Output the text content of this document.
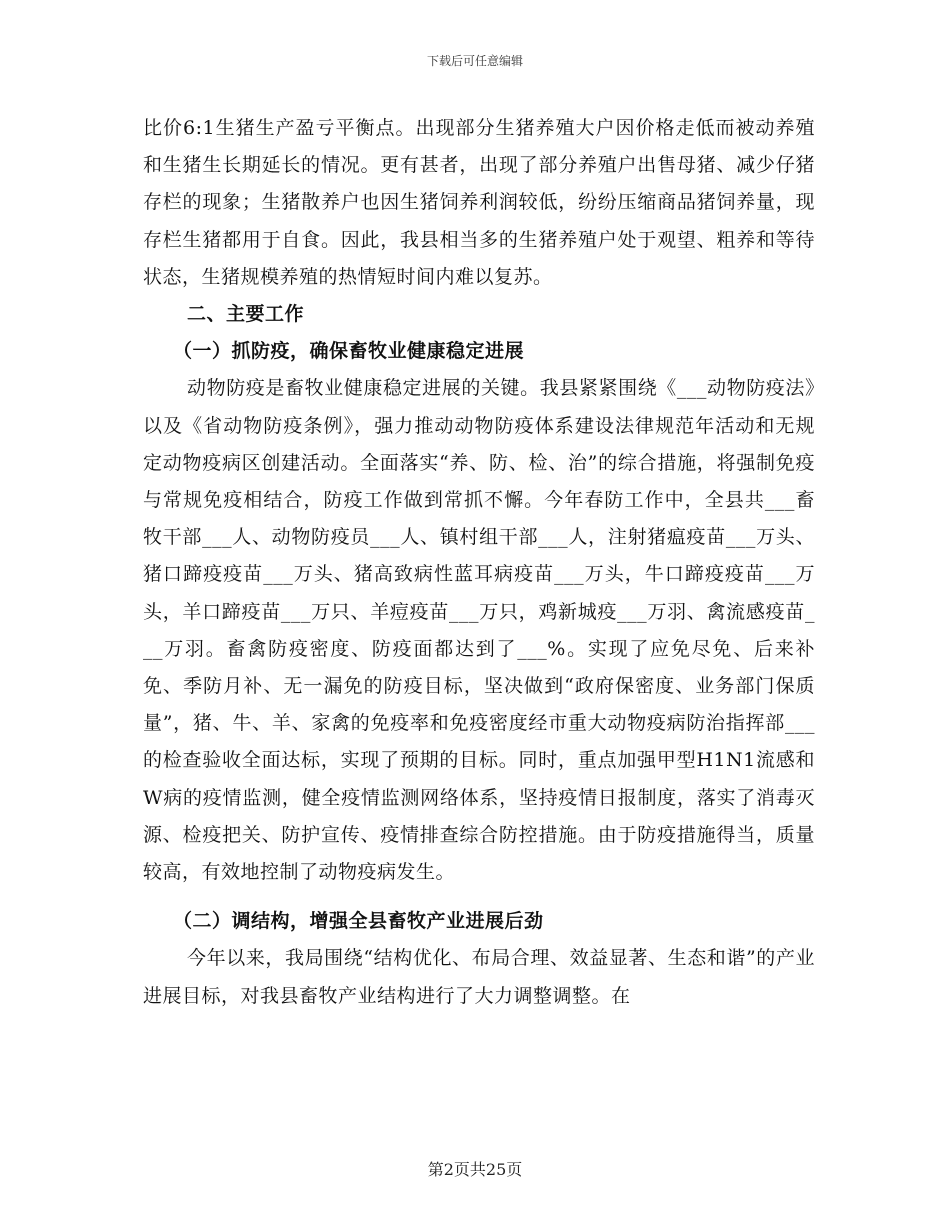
下载后可任意编辑

比价6:1生猪生产盈亏平衡点。出现部分生猪养殖大户因价格走低而被动养殖和生猪生长期延长的情况。更有甚者，出现了部分养殖户出售母猪、减少仔猪存栏的现象；生猪散养户也因生猪饲养利润较低，纷纷压缩商品猪饲养量，现存栏生猪都用于自食。因此，我县相当多的生猪养殖户处于观望、粗养和等待状态，生猪规模养殖的热情短时间内难以复苏。

二、主要工作

（一）抓防疫，确保畜牧业健康稳定进展

动物防疫是畜牧业健康稳定进展的关键。我县紧紧围绕《___动物防疫法》以及《省动物防疫条例》，强力推动动物防疫体系建设法律规范年活动和无规定动物疫病区创建活动。全面落实“养、防、检、治”的综合措施，将强制免疫与常规免疫相结合，防疫工作做到常抓不懈。今年春防工作中，全县共___畜牧干部___人、动物防疫员___人、镇村组干部___人，注射猪瘟疫苗___万头、猪口蹄疫疫苗___万头、猪高致病性蓝耳病疫苗___万头，牛口蹄疫疫苗___万头，羊口蹄疫苗___万只、羊痘疫苗___万只，鸡新城疫___万羽、禽流感疫苗___万羽。畜禽防疫密度、防疫面都达到了___%。实现了应免尽免、后来补免、季防月补、无一漏免的防疫目标，坚决做到“政府保密度、业务部门保质量”，猪、牛、羊、家禽的免疫率和免疫密度经市重大动物疫病防治指挥部___的检查验收全面达标，实现了预期的目标。同时，重点加强甲型H1N1流感和W病的疫情监测，健全疫情监测网络体系，坚持疫情日报制度，落实了消毒灭源、检疫把关、防护宣传、疫情排查综合防控措施。由于防疫措施得当，质量较高，有效地控制了动物疫病发生。

（二）调结构，增强全县畜牧产业进展后劲

今年以来，我局围绕“结构优化、布局合理、效益显著、生态和谐”的产业进展目标，对我县畜牧产业结构进行了大力调整调整。在

第2页共25页
